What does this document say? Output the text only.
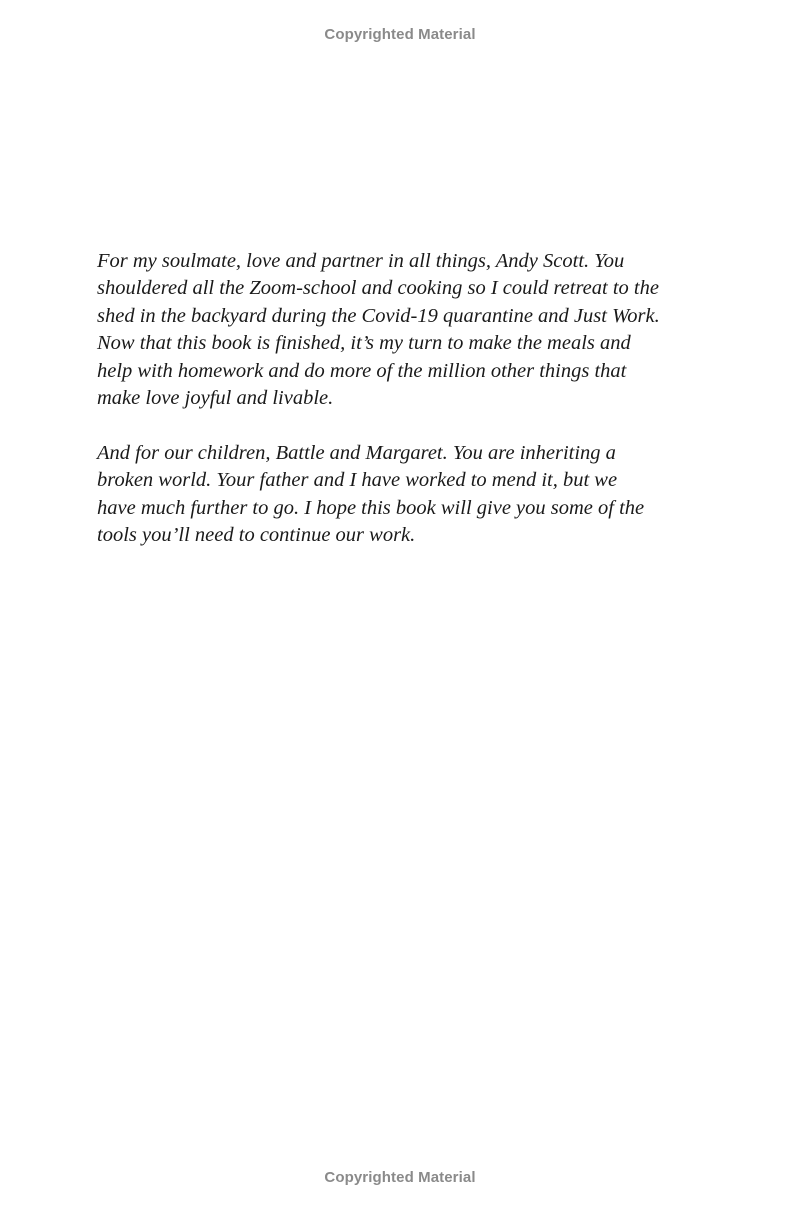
Copyrighted Material

For my soulmate, love and partner in all things, Andy Scott. You
shouldered all the Zoom-school and cooking so I could retreat to the
shed in the backyard during the Covid-19 quarantine and Just Work.
Now that this book is finished, it’s my turn to make the meals and
help with homework and do more of the million other things that
make love joyful and livable.

And for our children, Battle and Margaret. You are inheriting a
broken world. Your father and I have worked to mend it, but we
have much further to go. I hope this book will give you some of the
tools you’ll need to continue our work.

Copyrighted Material
